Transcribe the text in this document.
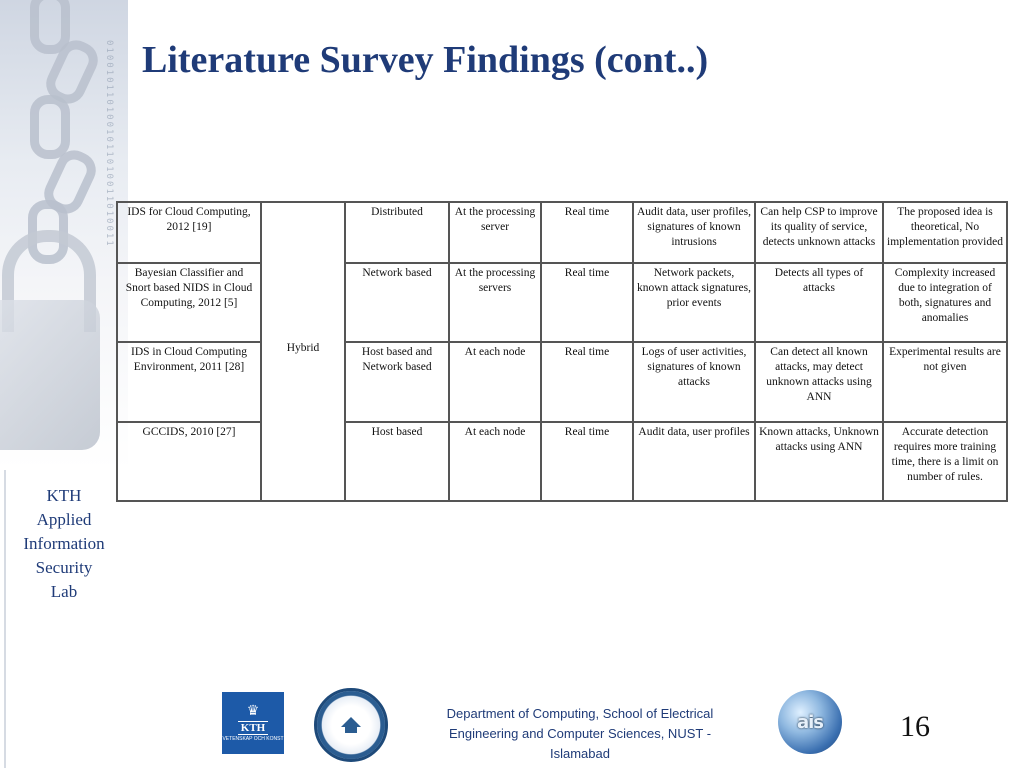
0100101101001011010011010011 Literature Survey Findings (cont..)
KTH
Applied
Information
Security
Lab
IDS for Cloud Computing, 2012 [19]	Hybrid	Distributed	At the processing server	Real time	Audit data, user profiles, signatures of known intrusions	Can help CSP to improve its quality of service, detects unknown attacks	The proposed idea is theoretical, No implementation provided
Bayesian Classifier and Snort based NIDS in Cloud Computing, 2012 [5]		Network based	At the processing servers	Real time	Network packets, known attack signatures, prior events	Detects all types of attacks	Complexity increased due to integration of both, signatures and anomalies
IDS in Cloud Computing Environment, 2011 [28]		Host based and Network based	At each node	Real time	Logs of user activities, signatures of known attacks	Can detect all known attacks, may detect unknown attacks using ANN	Experimental results are not given
GCCIDS, 2010 [27]		Host based	At each node	Real time	Audit data, user profiles	Known attacks, Unknown attacks using ANN	Accurate detection requires more training time, there is a limit on number of rules.
♛
KTH
VETENSKAP OCH KONST
Department of Computing, School of Electrical
Engineering and Computer Sciences, NUST -
Islamabad
ais	16
